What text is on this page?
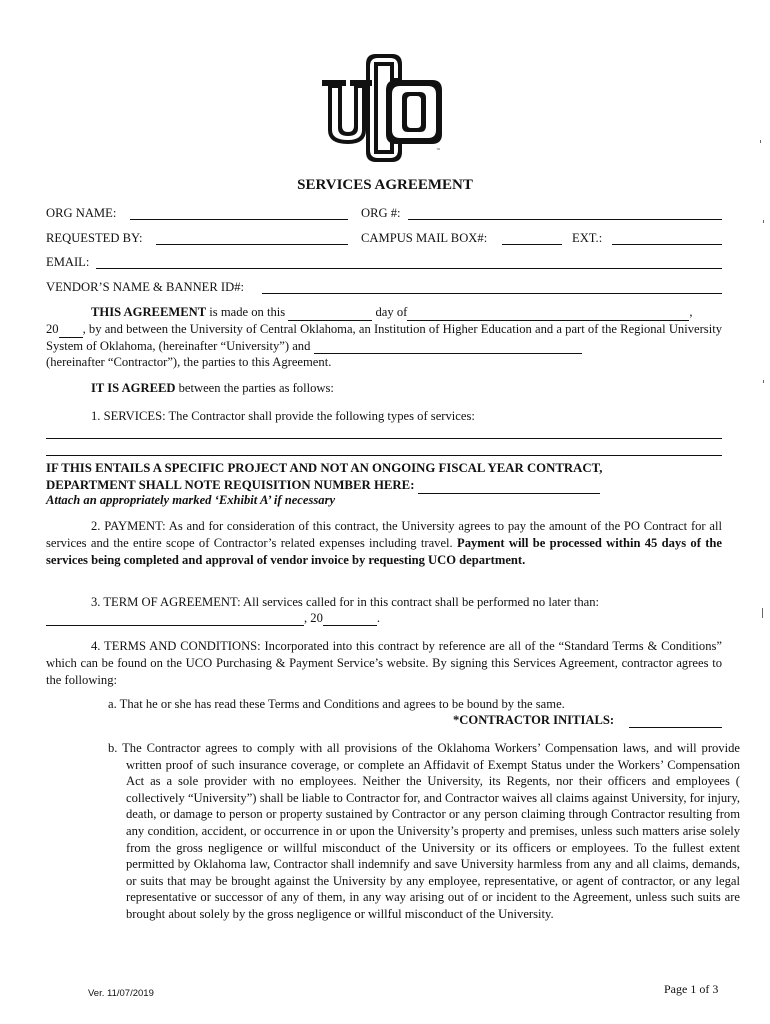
™
SERVICES AGREEMENT
ORG NAME:	ORG #:
REQUESTED BY:	CAMPUS MAIL BOX#:	EXT.:
EMAIL:
VENDOR’S NAME & BANNER ID#:
THIS AGREEMENT is made on this	day of	,
20 , by and between the University of Central Oklahoma, an Institution of Higher Education and a part of the Regional University System of Oklahoma, (hereinafter “University”) and
(hereinafter “Contractor”), the parties to this Agreement.
IT IS AGREED between the parties as follows:
1. SERVICES: The Contractor shall provide the following types of services:
IF THIS ENTAILS A SPECIFIC PROJECT AND NOT AN ONGOING FISCAL YEAR CONTRACT,
DEPARTMENT SHALL NOTE REQUISITION NUMBER HERE:
Attach an appropriately marked ‘Exhibit A’ if necessary
2. PAYMENT: As and for consideration of this contract, the University agrees to pay the amount of the PO Contract for all services and the entire scope of Contractor’s related expenses including travel. Payment will be processed within 45 days of the services being completed and approval of vendor invoice by requesting UCO department.
3. TERM OF AGREEMENT: All services called for in this contract shall be performed no later than:
, 20	.
4. TERMS AND CONDITIONS: Incorporated into this contract by reference are all of the “Standard Terms & Conditions” which can be found on the UCO Purchasing & Payment Service’s website. By signing this Services Agreement, contractor agrees to the following:
a. That he or she has read these Terms and Conditions and agrees to be bound by the same.
*CONTRACTOR INITIALS:
b. The Contractor agrees to comply with all provisions of the Oklahoma Workers’ Compensation laws, and will provide written proof of such insurance coverage, or complete an Affidavit of Exempt Status under the Workers’ Compensation Act as a sole provider with no employees. Neither the University, its Regents, nor their officers and employees ( collectively “University”) shall be liable to Contractor for, and Contractor waives all claims against University, for injury, death, or damage to person or property sustained by Contractor or any person claiming through Contractor resulting from any condition, accident, or occurrence in or upon the University’s property and premises, unless such matters arise solely from the gross negligence or willful misconduct of the University or its officers or employees. To the fullest extent permitted by Oklahoma law, Contractor shall indemnify and save University harmless from any and all claims, demands, or suits that may be brought against the University by any employee, representative, or agent of contractor, or any legal representative or successor of any of them, in any way arising out of or incident to the Agreement, unless such suits are brought about solely by the gross negligence or willful misconduct of the University.
Ver. 11/07/2019	Page 1 of 3
